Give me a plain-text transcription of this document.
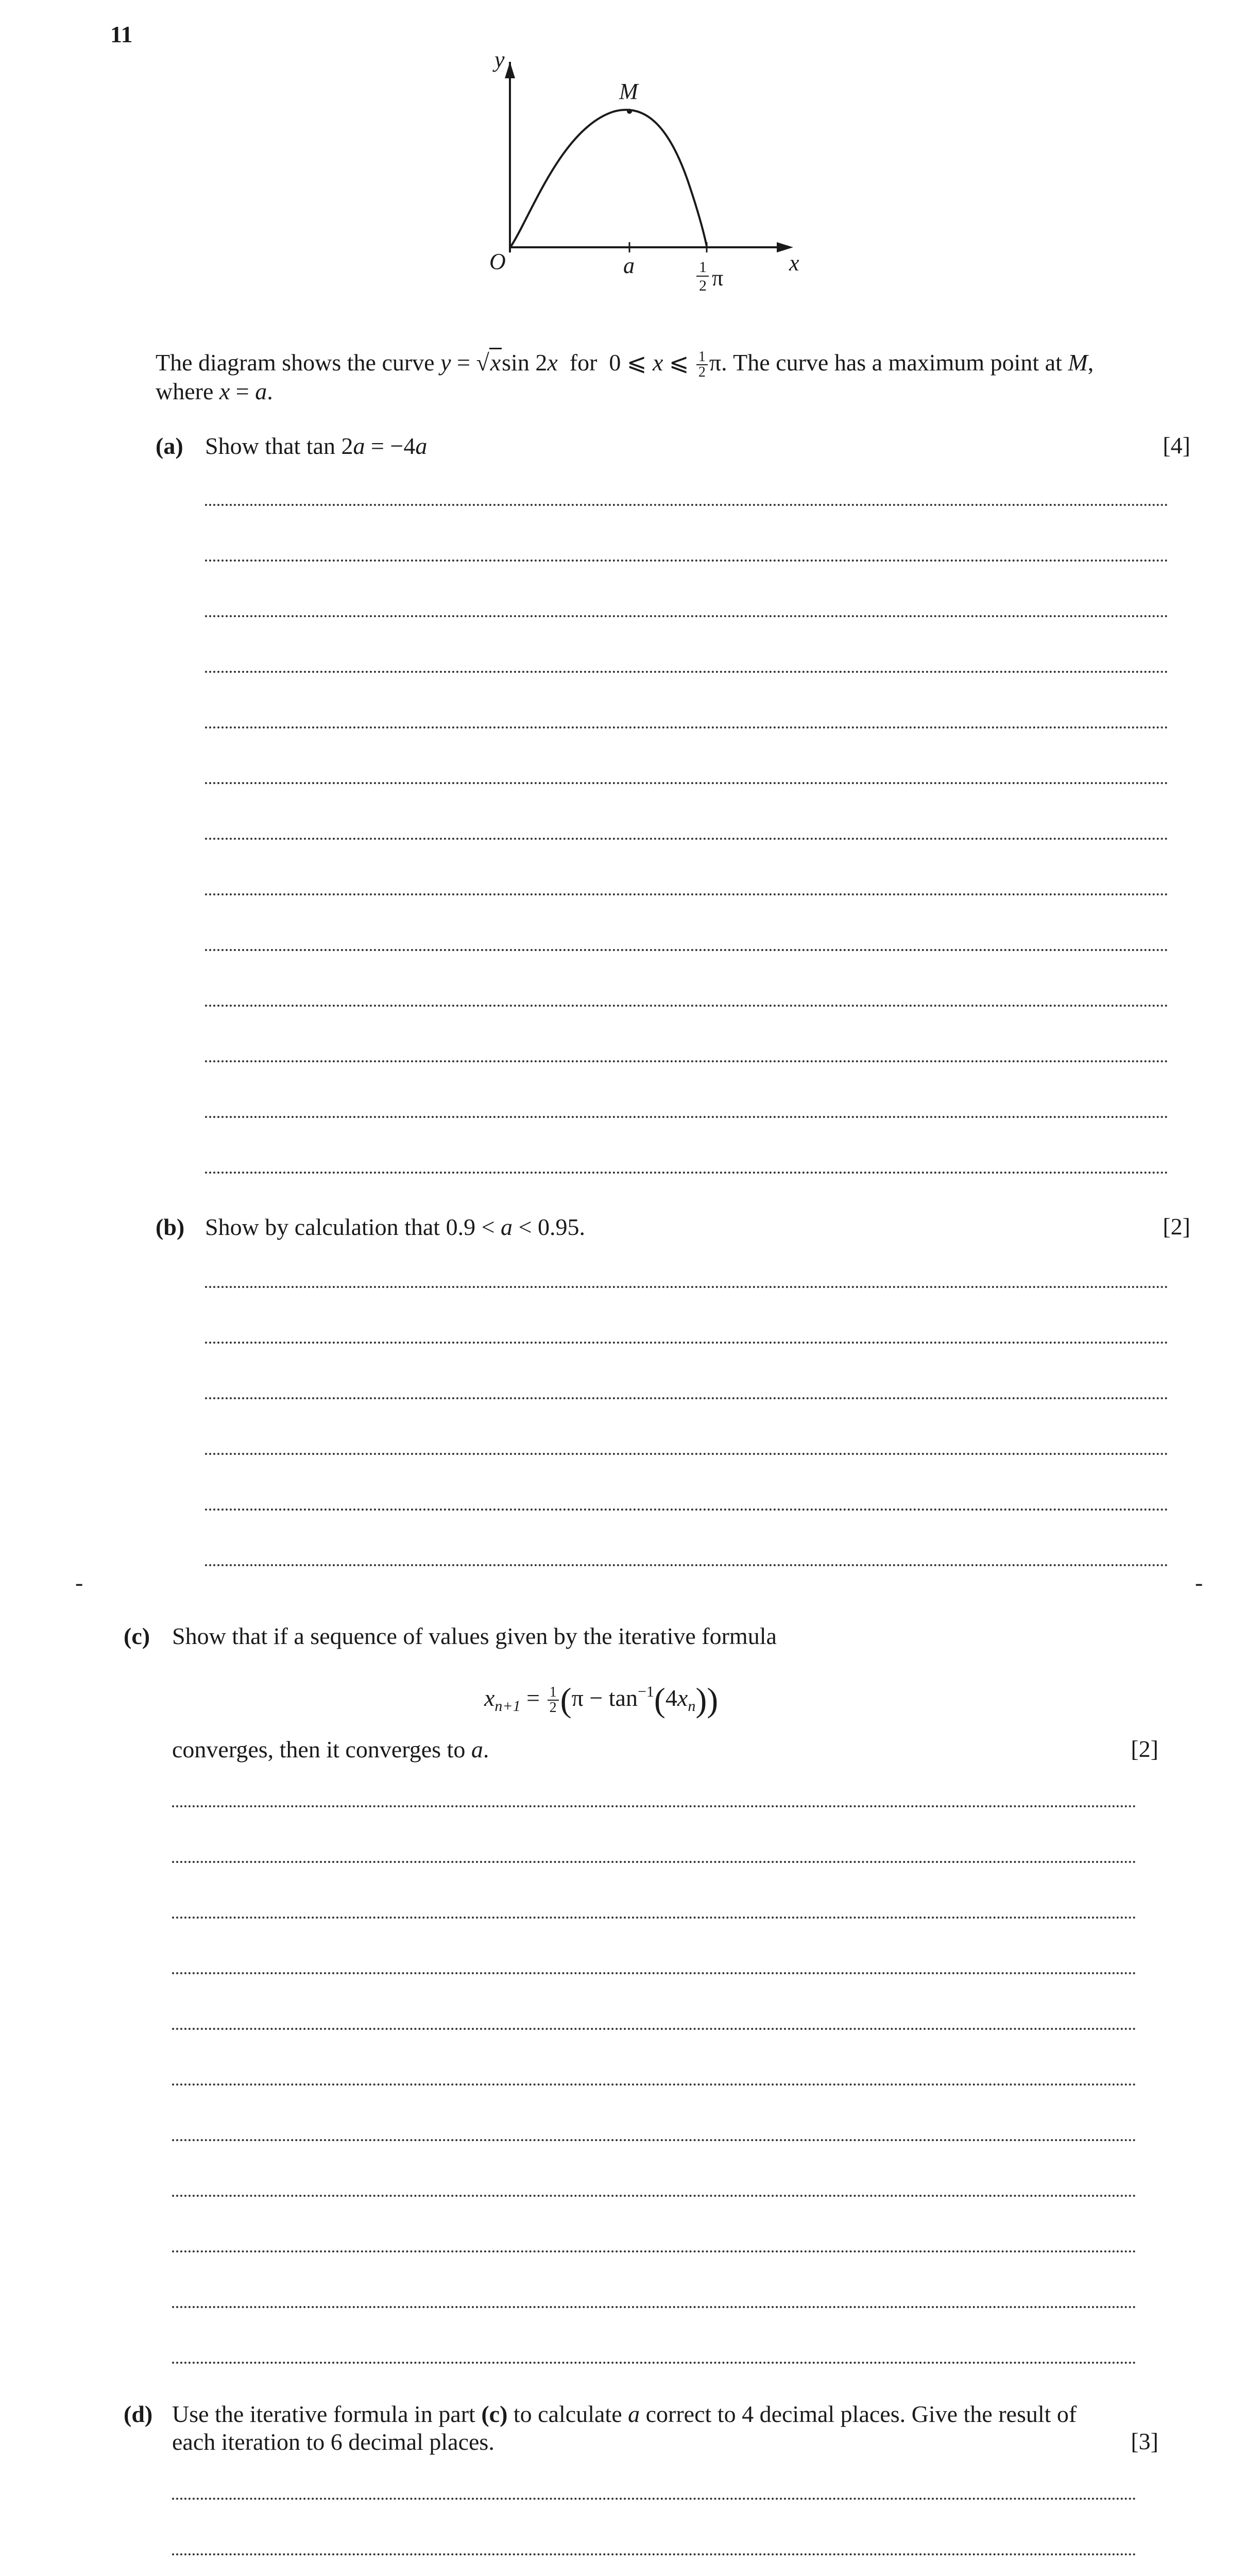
11
y
x
O
M
a	1
2 π
The diagram shows the curve y = √xsin 2x  for  0 ⩽ x ⩽ $\frac{1}{2} \pi$. The curve has a maximum point at M,
where x = a.
(a) Show that tan 2a = −4a	[4]
(b) Show by calculation that 0.9 < a < 0.95.	[2]
-	-
(c) Show that if a sequence of values given by the iterative formula
$x_{n+1} = \frac{1}{2} (\pi - \tan^{-1}(4x_n))$
converges, then it converges to a.	[2]
(d) Use the iterative formula in part (c) to calculate a correct to 4 decimal places. Give the result of
each iteration to 6 decimal places.	[3]
